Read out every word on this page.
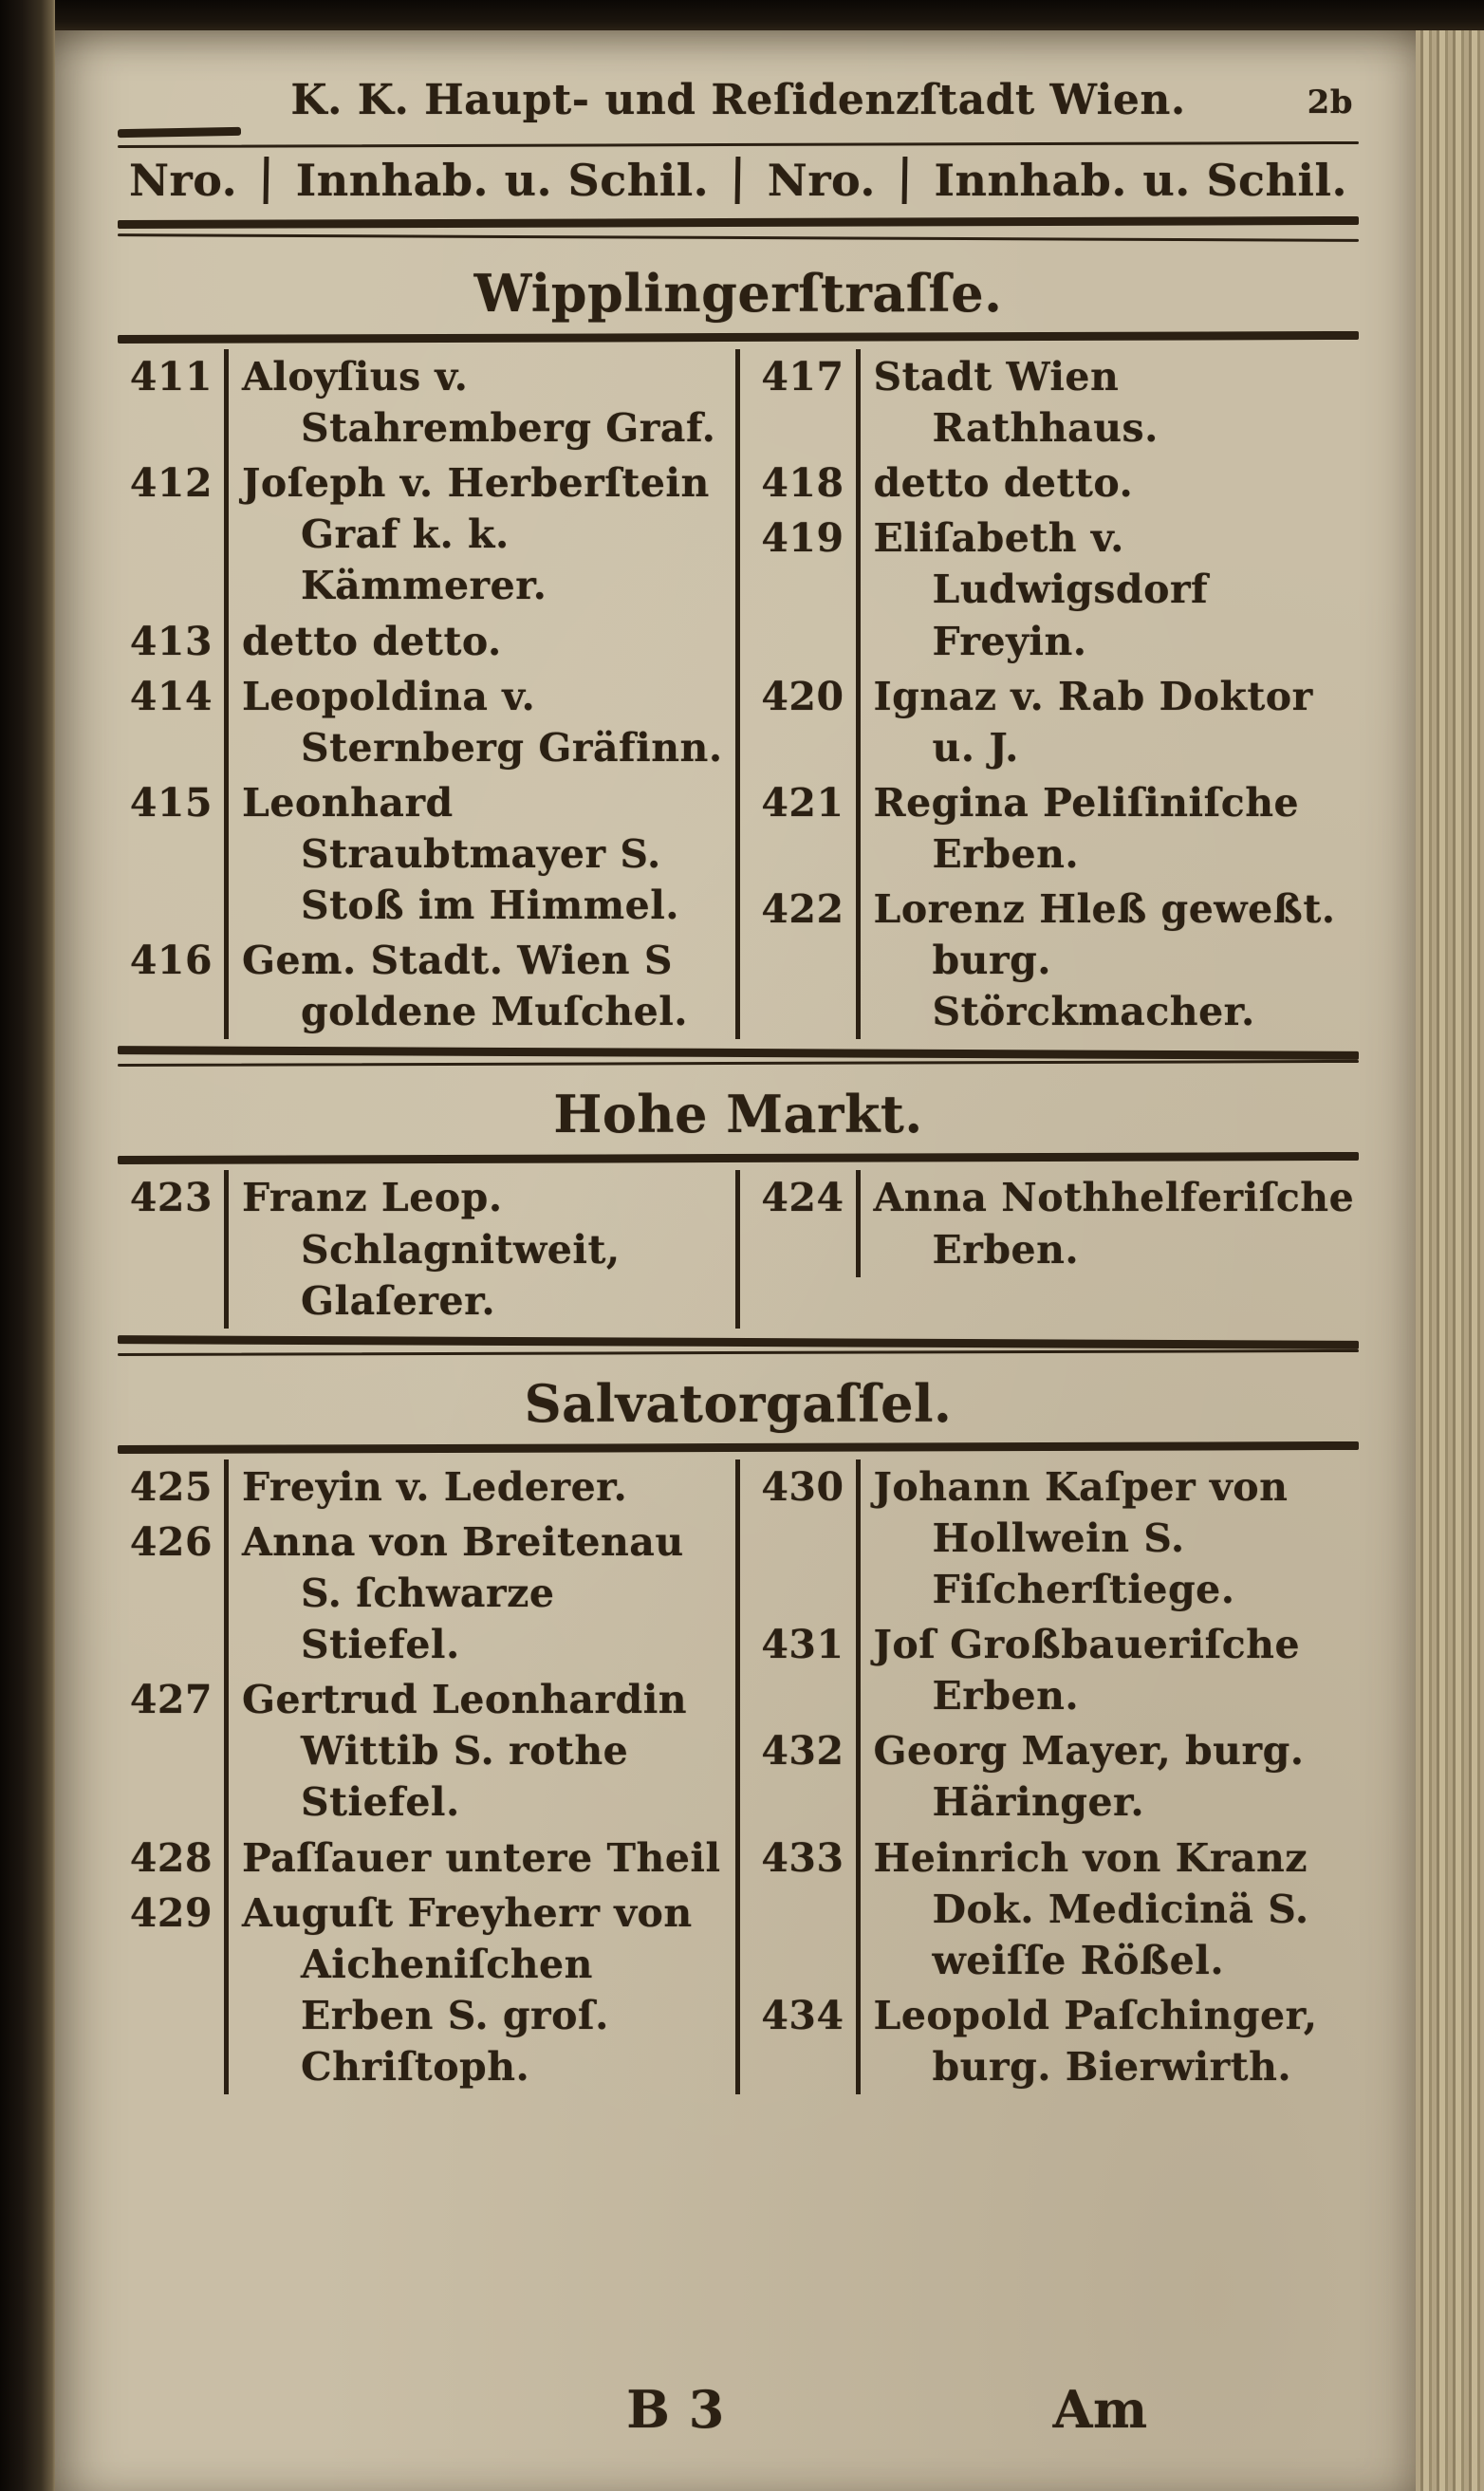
K. K. Haupt- und Reſidenzſtadt Wien.	2b
Nro. Innhab. u. Schil. Nro. Innhab. u. Schil.
Wipplingerſtraſſe.
411 Aloyſius v. Stahremberg Graf.
412 Joſeph v. Herberſtein Graf k. k. Kämmerer.
413 detto detto.
414 Leopoldina v. Sternberg Gräfinn.
415 Leonhard Straubtmayer S. Stoß im Himmel.
416 Gem. Stadt. Wien S goldene Muſchel.
417 Stadt Wien Rathhaus.
418 detto detto.
419 Eliſabeth v. Ludwigsdorf Freyin.
420 Ignaz v. Rab Doktor u. J.
421 Regina Peliſiniſche Erben.
422 Lorenz Hleß geweßt. burg. Störckmacher.
Hohe Markt.
423 Franz Leop. Schlagnitweit, Glaſerer.
424 Anna Nothhelferiſche Erben.
Salvatorgaſſel.
425 Freyin v. Lederer.
426 Anna von Breitenau S. ſchwarze Stiefel.
427 Gertrud Leonhardin Wittib S. rothe Stiefel.
428 Paſſauer untere Theil
429 Auguſt Freyherr von Aicheniſchen Erben S. groſ. Chriſtoph.
430 Johann Kaſper von Hollwein S. Fiſcherſtiege.
431 Joſ Großbaueriſche Erben.
432 Georg Mayer, burg. Häringer.
433 Heinrich von Kranz Dok. Medicinä S. weiſſe Rößel.
434 Leopold Paſchinger, burg. Bierwirth.
B 3	Am
